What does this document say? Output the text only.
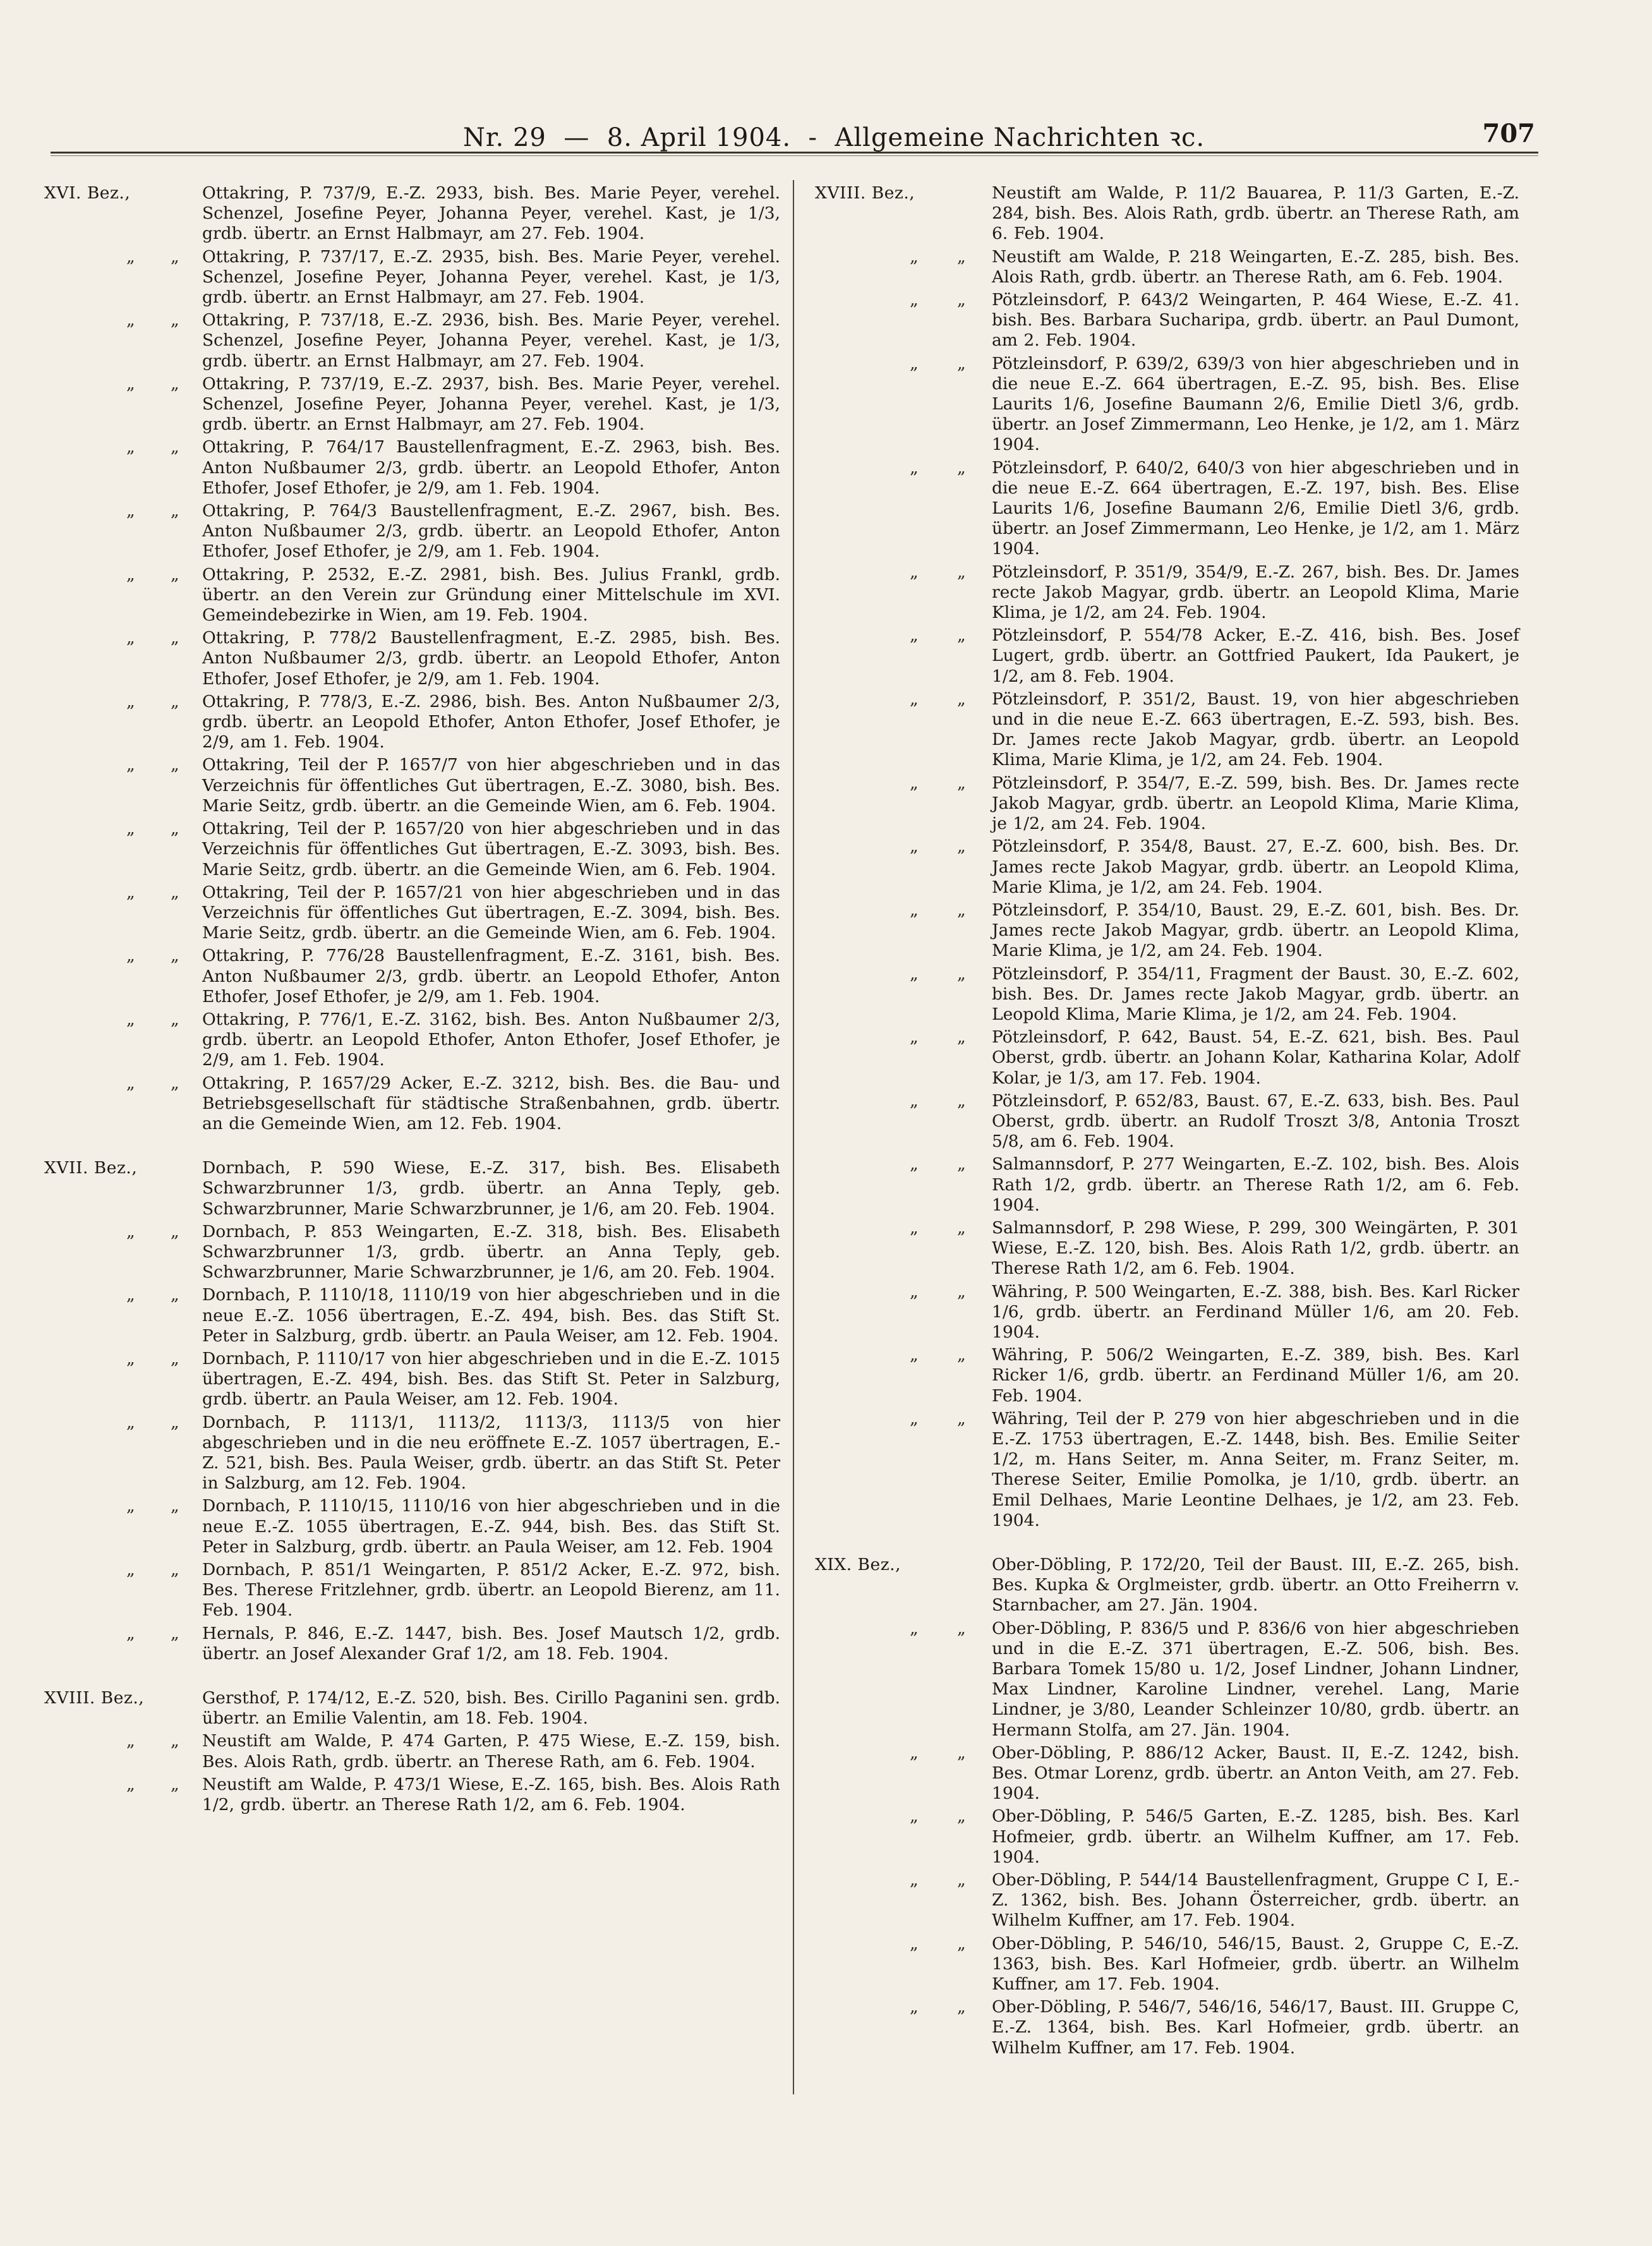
Nr. 29 — 8. April 1904. - Allgemeine Nachrichten ꝛc.	707
XVI. Bez.,	Ottakring, P. 737/9, E.-Z. 2933, bish. Bes. Marie Peyer, verehel. Schenzel, Josefine Peyer, Johanna Peyer, verehel. Kast, je 1/3, grdb. übertr. an Ernst Halbmayr, am 27. Feb. 1904.
„ „ Ottakring, P. 737/17, E.-Z. 2935, bish. Bes. Marie Peyer, verehel. Schenzel, Josefine Peyer, Johanna Peyer, verehel. Kast, je 1/3, grdb. übertr. an Ernst Halbmayr, am 27. Feb. 1904.
„ „ Ottakring, P. 737/18, E.-Z. 2936, bish. Bes. Marie Peyer, verehel. Schenzel, Josefine Peyer, Johanna Peyer, verehel. Kast, je 1/3, grdb. übertr. an Ernst Halbmayr, am 27. Feb. 1904.
„ „ Ottakring, P. 737/19, E.-Z. 2937, bish. Bes. Marie Peyer, verehel. Schenzel, Josefine Peyer, Johanna Peyer, verehel. Kast, je 1/3, grdb. übertr. an Ernst Halbmayr, am 27. Feb. 1904.
„ „ Ottakring, P. 764/17 Baustellenfragment, E.-Z. 2963, bish. Bes. Anton Nußbaumer 2/3, grdb. übertr. an Leopold Ethofer, Anton Ethofer, Josef Ethofer, je 2/9, am 1. Feb. 1904.
„ „ Ottakring, P. 764/3 Baustellenfragment, E.-Z. 2967, bish. Bes. Anton Nußbaumer 2/3, grdb. übertr. an Leopold Ethofer, Anton Ethofer, Josef Ethofer, je 2/9, am 1. Feb. 1904.
„ „ Ottakring, P. 2532, E.-Z. 2981, bish. Bes. Julius Frankl, grdb. übertr. an den Verein zur Gründung einer Mittelschule im XVI. Gemeindebezirke in Wien, am 19. Feb. 1904.
„ „ Ottakring, P. 778/2 Baustellenfragment, E.-Z. 2985, bish. Bes. Anton Nußbaumer 2/3, grdb. übertr. an Leopold Ethofer, Anton Ethofer, Josef Ethofer, je 2/9, am 1. Feb. 1904.
„ „ Ottakring, P. 778/3, E.-Z. 2986, bish. Bes. Anton Nußbaumer 2/3, grdb. übertr. an Leopold Ethofer, Anton Ethofer, Josef Ethofer, je 2/9, am 1. Feb. 1904.
„ „ Ottakring, Teil der P. 1657/7 von hier abgeschrieben und in das Verzeichnis für öffentliches Gut übertragen, E.-Z. 3080, bish. Bes. Marie Seitz, grdb. übertr. an die Gemeinde Wien, am 6. Feb. 1904.
„ „ Ottakring, Teil der P. 1657/20 von hier abgeschrieben und in das Verzeichnis für öffentliches Gut übertragen, E.-Z. 3093, bish. Bes. Marie Seitz, grdb. übertr. an die Gemeinde Wien, am 6. Feb. 1904.
„ „ Ottakring, Teil der P. 1657/21 von hier abgeschrieben und in das Verzeichnis für öffentliches Gut übertragen, E.-Z. 3094, bish. Bes. Marie Seitz, grdb. übertr. an die Gemeinde Wien, am 6. Feb. 1904.
„ „ Ottakring, P. 776/28 Baustellenfragment, E.-Z. 3161, bish. Bes. Anton Nußbaumer 2/3, grdb. übertr. an Leopold Ethofer, Anton Ethofer, Josef Ethofer, je 2/9, am 1. Feb. 1904.
„ „ Ottakring, P. 776/1, E.-Z. 3162, bish. Bes. Anton Nußbaumer 2/3, grdb. übertr. an Leopold Ethofer, Anton Ethofer, Josef Ethofer, je 2/9, am 1. Feb. 1904.
„ „ Ottakring, P. 1657/29 Acker, E.-Z. 3212, bish. Bes. die Bau- und Betriebsgesellschaft für städtische Straßenbahnen, grdb. übertr. an die Gemeinde Wien, am 12. Feb. 1904.
XVII. Bez.,	Dornbach, P. 590 Wiese, E.-Z. 317, bish. Bes. Elisabeth Schwarzbrunner 1/3, grdb. übertr. an Anna Teply, geb. Schwarzbrunner, Marie Schwarzbrunner, je 1/6, am 20. Feb. 1904.
„ „ Dornbach, P. 853 Weingarten, E.-Z. 318, bish. Bes. Elisabeth Schwarzbrunner 1/3, grdb. übertr. an Anna Teply, geb. Schwarzbrunner, Marie Schwarzbrunner, je 1/6, am 20. Feb. 1904.
„ „ Dornbach, P. 1110/18, 1110/19 von hier abgeschrieben und in die neue E.-Z. 1056 übertragen, E.-Z. 494, bish. Bes. das Stift St. Peter in Salzburg, grdb. übertr. an Paula Weiser, am 12. Feb. 1904.
„ „ Dornbach, P. 1110/17 von hier abgeschrieben und in die E.-Z. 1015 übertragen, E.-Z. 494, bish. Bes. das Stift St. Peter in Salzburg, grdb. übertr. an Paula Weiser, am 12. Feb. 1904.
„ „ Dornbach, P. 1113/1, 1113/2, 1113/3, 1113/5 von hier abgeschrieben und in die neu eröffnete E.-Z. 1057 übertragen, E.-Z. 521, bish. Bes. Paula Weiser, grdb. übertr. an das Stift St. Peter in Salzburg, am 12. Feb. 1904.
„ „ Dornbach, P. 1110/15, 1110/16 von hier abgeschrieben und in die neue E.-Z. 1055 übertragen, E.-Z. 944, bish. Bes. das Stift St. Peter in Salzburg, grdb. übertr. an Paula Weiser, am 12. Feb. 1904
„ „ Dornbach, P. 851/1 Weingarten, P. 851/2 Acker, E.-Z. 972, bish. Bes. Therese Fritzlehner, grdb. übertr. an Leopold Bierenz, am 11. Feb. 1904.
„ „ Hernals, P. 846, E.-Z. 1447, bish. Bes. Josef Mautsch 1/2, grdb. übertr. an Josef Alexander Graf 1/2, am 18. Feb. 1904.
XVIII. Bez.,	Gersthof, P. 174/12, E.-Z. 520, bish. Bes. Cirillo Paganini sen. grdb. übertr. an Emilie Valentin, am 18. Feb. 1904.
„ „ Neustift am Walde, P. 474 Garten, P. 475 Wiese, E.-Z. 159, bish. Bes. Alois Rath, grdb. übertr. an Therese Rath, am 6. Feb. 1904.
„ „ Neustift am Walde, P. 473/1 Wiese, E.-Z. 165, bish. Bes. Alois Rath 1/2, grdb. übertr. an Therese Rath 1/2, am 6. Feb. 1904.
XVIII. Bez.,	Neustift am Walde, P. 11/2 Bauarea, P. 11/3 Garten, E.-Z. 284, bish. Bes. Alois Rath, grdb. übertr. an Therese Rath, am 6. Feb. 1904.
„ „ Neustift am Walde, P. 218 Weingarten, E.-Z. 285, bish. Bes. Alois Rath, grdb. übertr. an Therese Rath, am 6. Feb. 1904.
„ „ Pötzleinsdorf, P. 643/2 Weingarten, P. 464 Wiese, E.-Z. 41. bish. Bes. Barbara Sucharipa, grdb. übertr. an Paul Dumont, am 2. Feb. 1904.
„ „ Pötzleinsdorf, P. 639/2, 639/3 von hier abgeschrieben und in die neue E.-Z. 664 übertragen, E.-Z. 95, bish. Bes. Elise Laurits 1/6, Josefine Baumann 2/6, Emilie Dietl 3/6, grdb. übertr. an Josef Zimmermann, Leo Henke, je 1/2, am 1. März 1904.
„ „ Pötzleinsdorf, P. 640/2, 640/3 von hier abgeschrieben und in die neue E.-Z. 664 übertragen, E.-Z. 197, bish. Bes. Elise Laurits 1/6, Josefine Baumann 2/6, Emilie Dietl 3/6, grdb. übertr. an Josef Zimmermann, Leo Henke, je 1/2, am 1. März 1904.
„ „ Pötzleinsdorf, P. 351/9, 354/9, E.-Z. 267, bish. Bes. Dr. James recte Jakob Magyar, grdb. übertr. an Leopold Klima, Marie Klima, je 1/2, am 24. Feb. 1904.
„ „ Pötzleinsdorf, P. 554/78 Acker, E.-Z. 416, bish. Bes. Josef Lugert, grdb. übertr. an Gottfried Paukert, Ida Paukert, je 1/2, am 8. Feb. 1904.
„ „ Pötzleinsdorf, P. 351/2, Baust. 19, von hier abgeschrieben und in die neue E.-Z. 663 übertragen, E.-Z. 593, bish. Bes. Dr. James recte Jakob Magyar, grdb. übertr. an Leopold Klima, Marie Klima, je 1/2, am 24. Feb. 1904.
„ „ Pötzleinsdorf, P. 354/7, E.-Z. 599, bish. Bes. Dr. James recte Jakob Magyar, grdb. übertr. an Leopold Klima, Marie Klima, je 1/2, am 24. Feb. 1904.
„ „ Pötzleinsdorf, P. 354/8, Baust. 27, E.-Z. 600, bish. Bes. Dr. James recte Jakob Magyar, grdb. übertr. an Leopold Klima, Marie Klima, je 1/2, am 24. Feb. 1904.
„ „ Pötzleinsdorf, P. 354/10, Baust. 29, E.-Z. 601, bish. Bes. Dr. James recte Jakob Magyar, grdb. übertr. an Leopold Klima, Marie Klima, je 1/2, am 24. Feb. 1904.
„ „ Pötzleinsdorf, P. 354/11, Fragment der Baust. 30, E.-Z. 602, bish. Bes. Dr. James recte Jakob Magyar, grdb. übertr. an Leopold Klima, Marie Klima, je 1/2, am 24. Feb. 1904.
„ „ Pötzleinsdorf, P. 642, Baust. 54, E.-Z. 621, bish. Bes. Paul Oberst, grdb. übertr. an Johann Kolar, Katharina Kolar, Adolf Kolar, je 1/3, am 17. Feb. 1904.
„ „ Pötzleinsdorf, P. 652/83, Baust. 67, E.-Z. 633, bish. Bes. Paul Oberst, grdb. übertr. an Rudolf Troszt 3/8, Antonia Troszt 5/8, am 6. Feb. 1904.
„ „ Salmannsdorf, P. 277 Weingarten, E.-Z. 102, bish. Bes. Alois Rath 1/2, grdb. übertr. an Therese Rath 1/2, am 6. Feb. 1904.
„ „ Salmannsdorf, P. 298 Wiese, P. 299, 300 Weingärten, P. 301 Wiese, E.-Z. 120, bish. Bes. Alois Rath 1/2, grdb. übertr. an Therese Rath 1/2, am 6. Feb. 1904.
„ „ Währing, P. 500 Weingarten, E.-Z. 388, bish. Bes. Karl Ricker 1/6, grdb. übertr. an Ferdinand Müller 1/6, am 20. Feb. 1904.
„ „ Währing, P. 506/2 Weingarten, E.-Z. 389, bish. Bes. Karl Ricker 1/6, grdb. übertr. an Ferdinand Müller 1/6, am 20. Feb. 1904.
„ „ Währing, Teil der P. 279 von hier abgeschrieben und in die E.-Z. 1753 übertragen, E.-Z. 1448, bish. Bes. Emilie Seiter 1/2, m. Hans Seiter, m. Anna Seiter, m. Franz Seiter, m. Therese Seiter, Emilie Pomolka, je 1/10, grdb. übertr. an Emil Delhaes, Marie Leontine Delhaes, je 1/2, am 23. Feb. 1904.
XIX. Bez.,	Ober-Döbling, P. 172/20, Teil der Baust. III, E.-Z. 265, bish. Bes. Kupka & Orglmeister, grdb. übertr. an Otto Freiherrn v. Starnbacher, am 27. Jän. 1904.
„ „ Ober-Döbling, P. 836/5 und P. 836/6 von hier abgeschrieben und in die E.-Z. 371 übertragen, E.-Z. 506, bish. Bes. Barbara Tomek 15/80 u. 1/2, Josef Lindner, Johann Lindner, Max Lindner, Karoline Lindner, verehel. Lang, Marie Lindner, je 3/80, Leander Schleinzer 10/80, grdb. übertr. an Hermann Stolfa, am 27. Jän. 1904.
„ „ Ober-Döbling, P. 886/12 Acker, Baust. II, E.-Z. 1242, bish. Bes. Otmar Lorenz, grdb. übertr. an Anton Veith, am 27. Feb. 1904.
„ „ Ober-Döbling, P. 546/5 Garten, E.-Z. 1285, bish. Bes. Karl Hofmeier, grdb. übertr. an Wilhelm Kuffner, am 17. Feb. 1904.
„ „ Ober-Döbling, P. 544/14 Baustellenfragment, Gruppe C I, E.-Z. 1362, bish. Bes. Johann Österreicher, grdb. übertr. an Wilhelm Kuffner, am 17. Feb. 1904.
„ „ Ober-Döbling, P. 546/10, 546/15, Baust. 2, Gruppe C, E.-Z. 1363, bish. Bes. Karl Hofmeier, grdb. übertr. an Wilhelm Kuffner, am 17. Feb. 1904.
„ „ Ober-Döbling, P. 546/7, 546/16, 546/17, Baust. III. Gruppe C, E.-Z. 1364, bish. Bes. Karl Hofmeier, grdb. übertr. an Wilhelm Kuffner, am 17. Feb. 1904.
